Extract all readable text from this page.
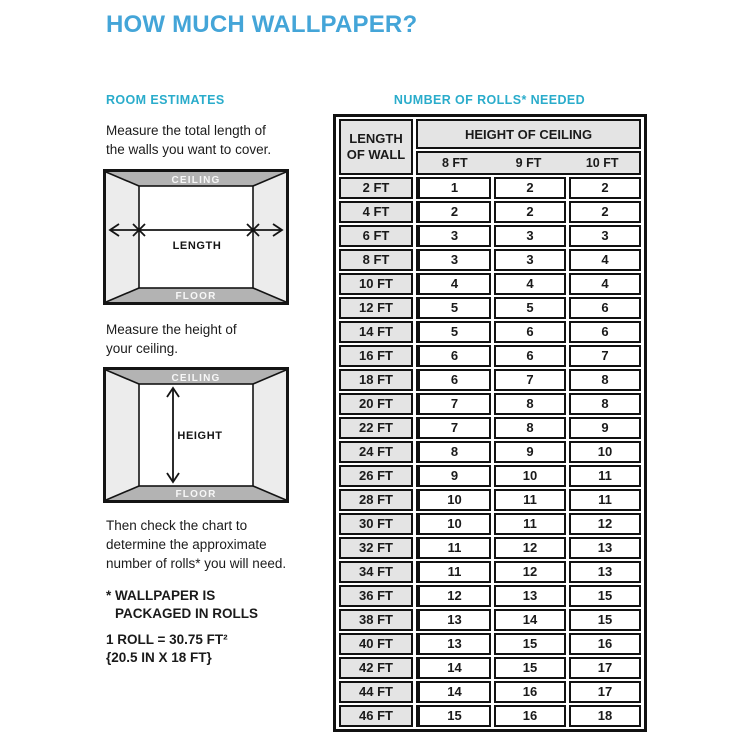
HOW MUCH WALLPAPER?
ROOM ESTIMATES
Measure the total length of
the walls you want to cover.
CEILING
FLOOR
LENGTH
Measure the height of
your ceiling.
CEILING
FLOOR
HEIGHT
Then check the chart to
determine the approximate
number of rolls* you will need.
* WALLPAPER IS
PACKAGED IN ROLLS
1 ROLL = 30.75 FT²
{20.5 IN X 18 FT}
NUMBER OF ROLLS* NEEDED
LENGTH
OF WALL	HEIGHT OF CEILING		

	8 FT 9 FT 10 FT		

2 FT	1	2	2
4 FT	2	2	2
6 FT	3	3	3
8 FT	3	3	4
10 FT	4	4	4
12 FT	5	5	6
14 FT	5	6	6
16 FT	6	6	7
18 FT	6	7	8
20 FT	7	8	8
22 FT	7	8	9
24 FT	8	9	10
26 FT	9	10	11
28 FT	10	11	11
30 FT	10	11	12
32 FT	11	12	13
34 FT	11	12	13
36 FT	12	13	15
38 FT	13	14	15
40 FT	13	15	16
42 FT	14	15	17
44 FT	14	16	17
46 FT	15	16	18
